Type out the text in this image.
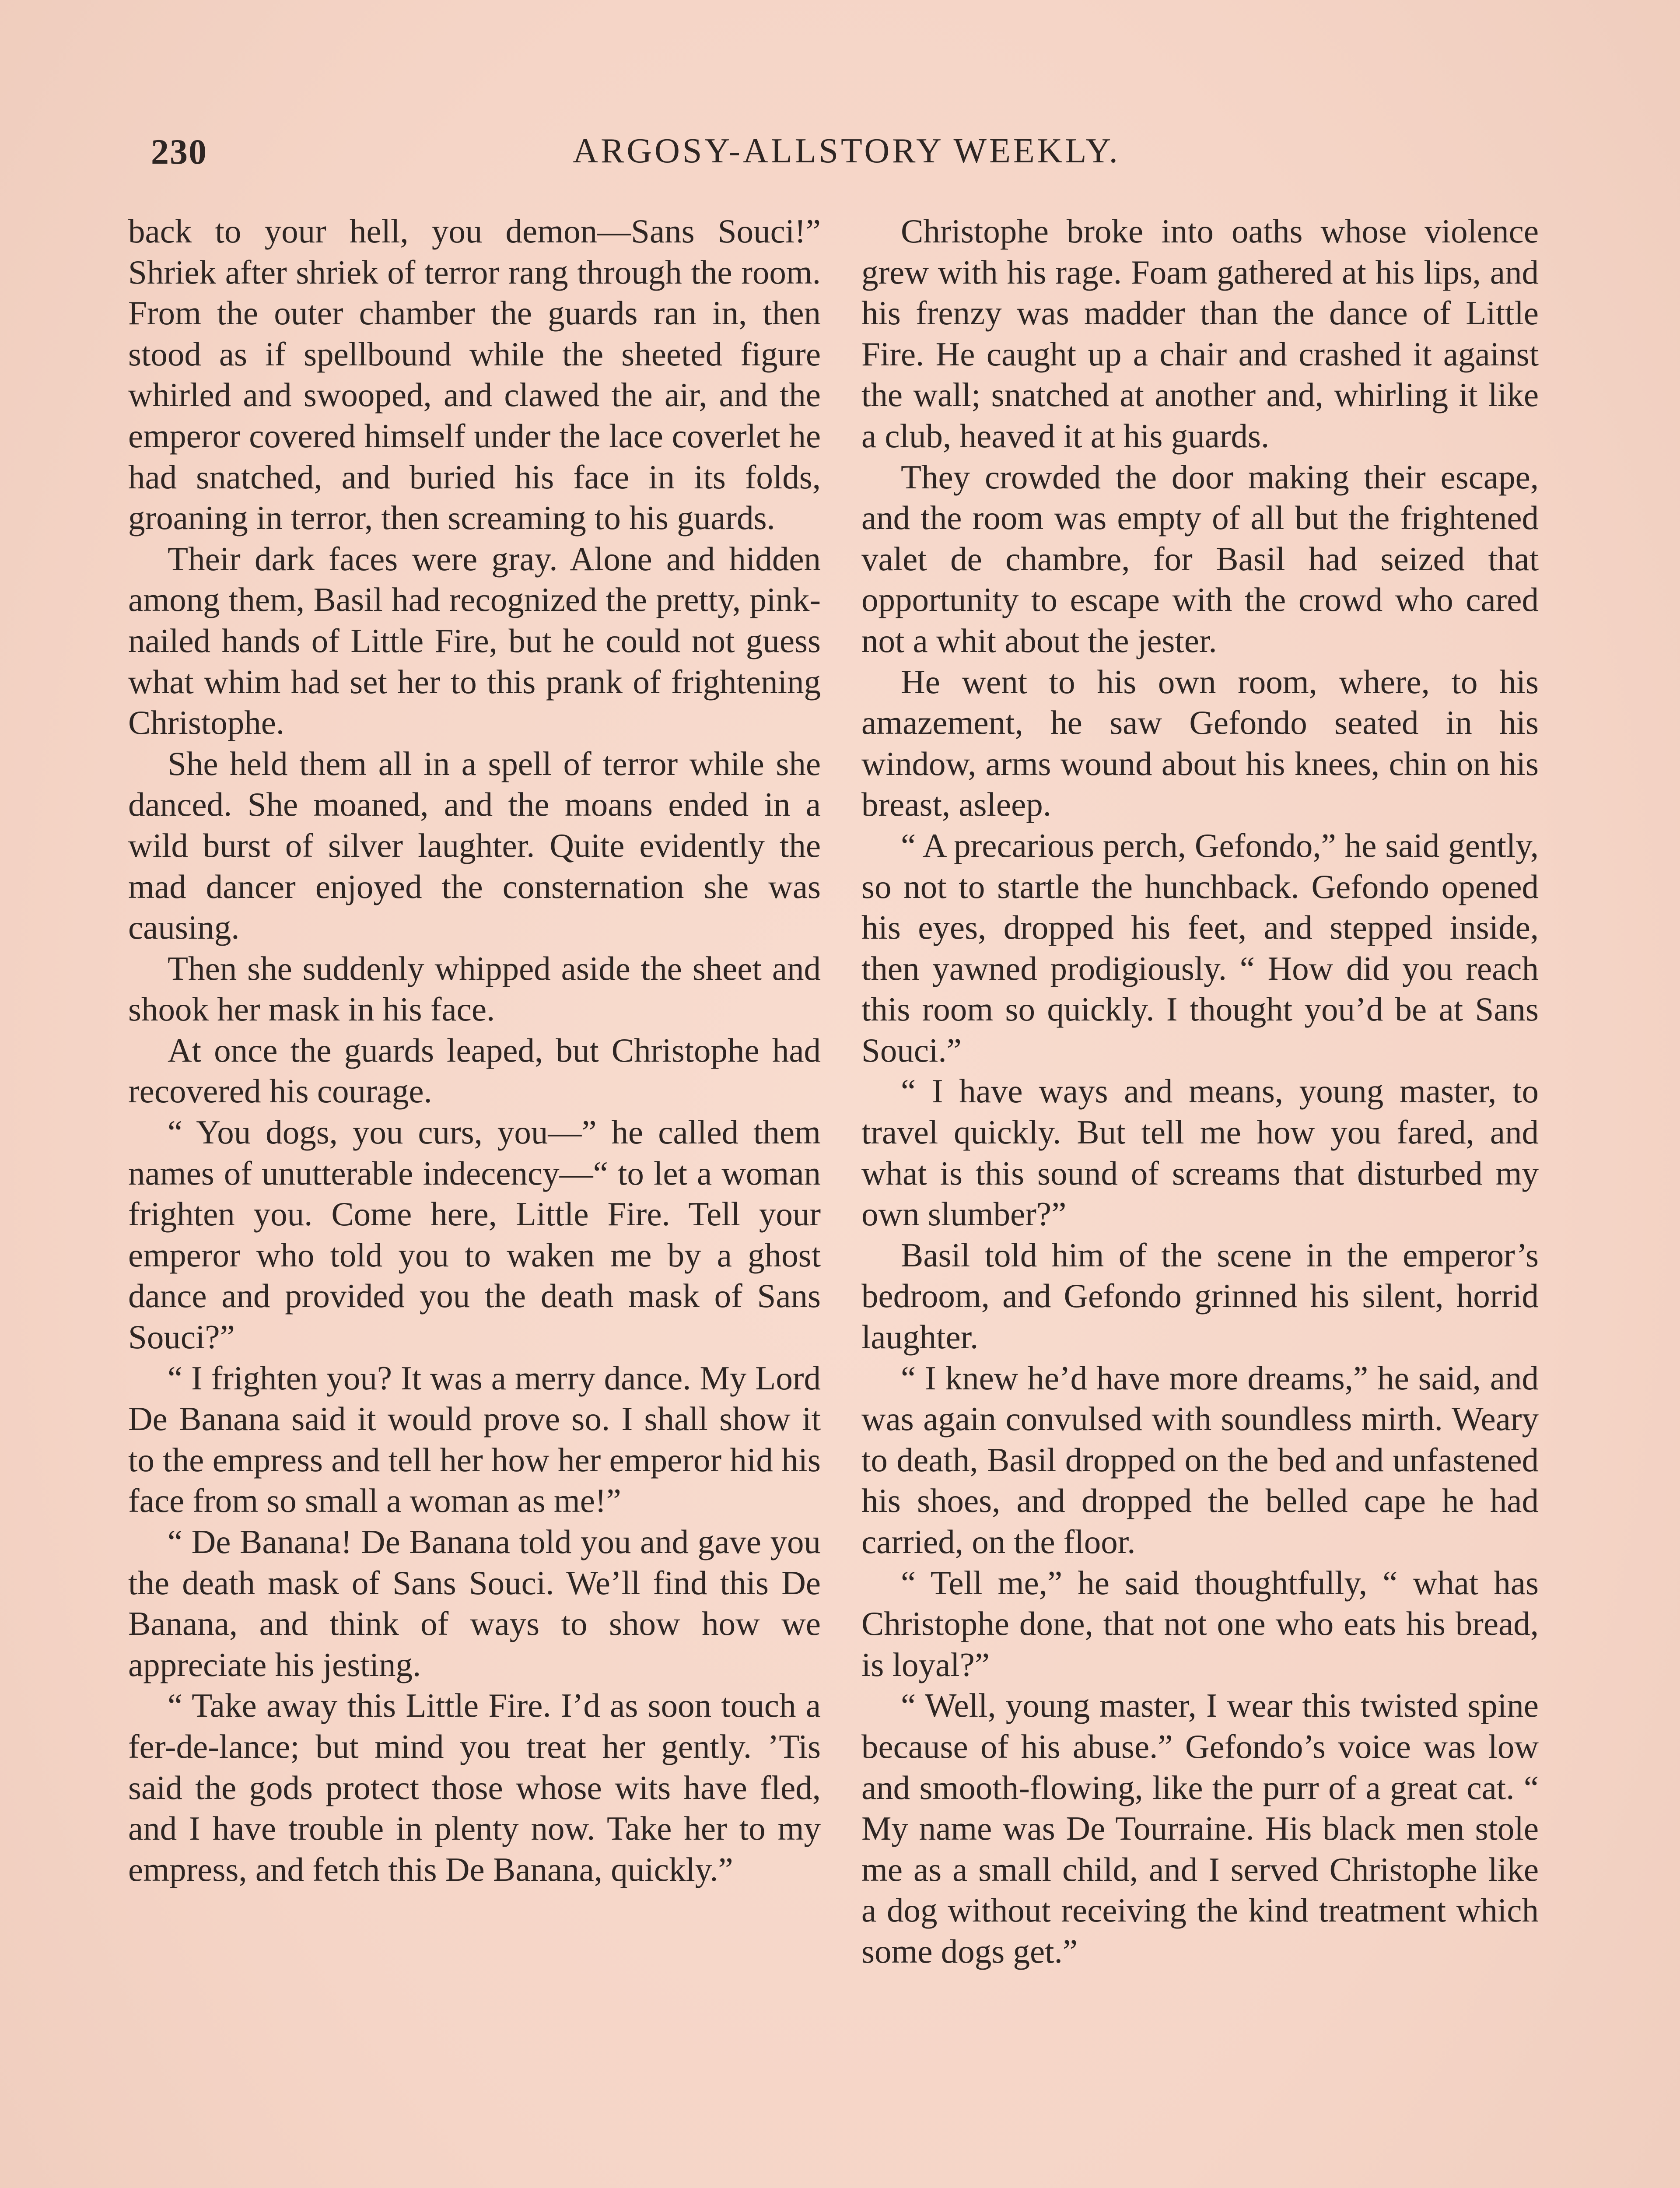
230	ARGOSY-ALLSTORY WEEKLY.

back to your hell, you demon—Sans Souci!” Shriek after shriek of terror rang through the room. From the outer chamber the guards ran in, then stood as if spellbound while the sheeted figure whirled and swooped, and clawed the air, and the emperor covered himself under the lace coverlet he had snatched, and buried his face in its folds, groaning in terror, then screaming to his guards.

Their dark faces were gray. Alone and hidden among them, Basil had recognized the pretty, pink-nailed hands of Little Fire, but he could not guess what whim had set her to this prank of frightening Christophe.

She held them all in a spell of terror while she danced. She moaned, and the moans ended in a wild burst of silver laughter. Quite evidently the mad dancer enjoyed the consternation she was causing.

Then she suddenly whipped aside the sheet and shook her mask in his face.

At once the guards leaped, but Christophe had recovered his courage.

“ You dogs, you curs, you—” he called them names of unutterable indecency—“ to let a woman frighten you. Come here, Little Fire. Tell your emperor who told you to waken me by a ghost dance and provided you the death mask of Sans Souci?”

“ I frighten you? It was a merry dance. My Lord De Banana said it would prove so. I shall show it to the empress and tell her how her emperor hid his face from so small a woman as me!”

“ De Banana! De Banana told you and gave you the death mask of Sans Souci. We’ll find this De Banana, and think of ways to show how we appreciate his jesting.

“ Take away this Little Fire. I’d as soon touch a fer-de-lance; but mind you treat her gently. ’Tis said the gods protect those whose wits have fled, and I have trouble in plenty now. Take her to my empress, and fetch this De Banana, quickly.”

Christophe broke into oaths whose violence grew with his rage. Foam gathered at his lips, and his frenzy was madder than the dance of Little Fire. He caught up a chair and crashed it against the wall; snatched at another and, whirling it like a club, heaved it at his guards.

They crowded the door making their escape, and the room was empty of all but the frightened valet de chambre, for Basil had seized that opportunity to escape with the crowd who cared not a whit about the jester.

He went to his own room, where, to his amazement, he saw Gefondo seated in his window, arms wound about his knees, chin on his breast, asleep.

“ A precarious perch, Gefondo,” he said gently, so not to startle the hunchback. Gefondo opened his eyes, dropped his feet, and stepped inside, then yawned prodigiously. “ How did you reach this room so quickly. I thought you’d be at Sans Souci.”

“ I have ways and means, young master, to travel quickly. But tell me how you fared, and what is this sound of screams that disturbed my own slumber?”

Basil told him of the scene in the emperor’s bedroom, and Gefondo grinned his silent, horrid laughter.

“ I knew he’d have more dreams,” he said, and was again convulsed with soundless mirth. Weary to death, Basil dropped on the bed and unfastened his shoes, and dropped the belled cape he had carried, on the floor.

“ Tell me,” he said thoughtfully, “ what has Christophe done, that not one who eats his bread, is loyal?”

“ Well, young master, I wear this twisted spine because of his abuse.” Gefondo’s voice was low and smooth-flowing, like the purr of a great cat. “ My name was De Tourraine. His black men stole me as a small child, and I served Christophe like a dog without receiving the kind treatment which some dogs get.”
